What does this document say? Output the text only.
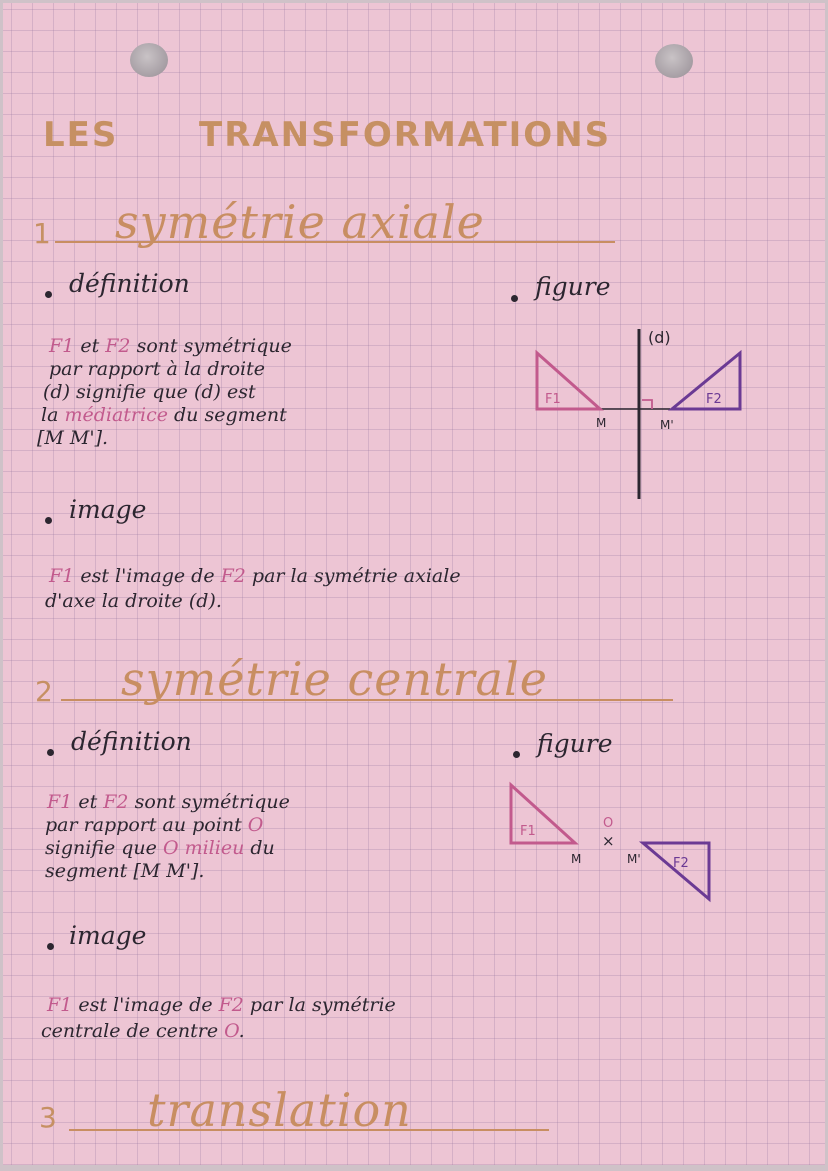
LES TRANSFORMATIONS
1 symétrie axiale
définition	figure
F1 et F2 sont symétrique
par rapport à la droite
(d) signifie que (d) est
la médiatrice du segment
[M M'].
(d)
F1	F2
M	M'
image
F1 est l'image de F2 par la symétrie axiale
d'axe la droite (d).
2 symétrie centrale
définition	figure
F1 et F2 sont symétrique
par rapport au point O
signifie que O milieu du
segment [M M'].
F1
F2
O
×
M	M'
image
F1 est l'image de F2 par la symétrie
centrale de centre O.
3 translation
